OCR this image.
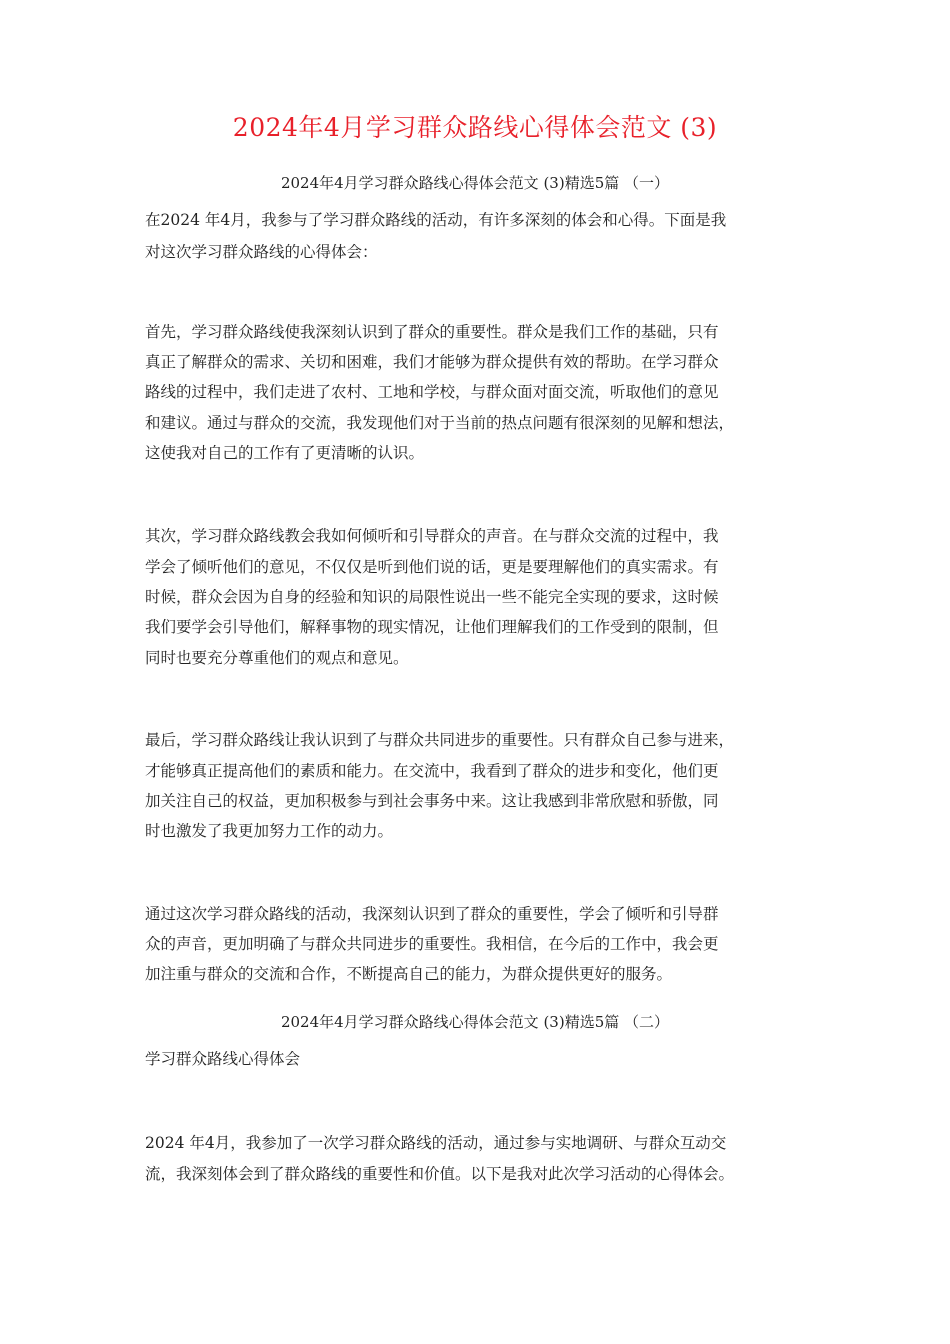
2024年4月学习群众路线心得体会范文 (3)
2024年4月学习群众路线心得体会范文 (3)精选5篇 （一）
在2024 年4月，我参与了学习群众路线的活动，有许多深刻的体会和心得。下面是我
对这次学习群众路线的心得体会：
首先，学习群众路线使我深刻认识到了群众的重要性。群众是我们工作的基础，只有
真正了解群众的需求、关切和困难，我们才能够为群众提供有效的帮助。在学习群众
路线的过程中，我们走进了农村、工地和学校，与群众面对面交流，听取他们的意见
和建议。通过与群众的交流，我发现他们对于当前的热点问题有很深刻的见解和想法，
这使我对自己的工作有了更清晰的认识。
其次，学习群众路线教会我如何倾听和引导群众的声音。在与群众交流的过程中，我
学会了倾听他们的意见，不仅仅是听到他们说的话，更是要理解他们的真实需求。有
时候，群众会因为自身的经验和知识的局限性说出一些不能完全实现的要求，这时候
我们要学会引导他们，解释事物的现实情况，让他们理解我们的工作受到的限制，但
同时也要充分尊重他们的观点和意见。
最后，学习群众路线让我认识到了与群众共同进步的重要性。只有群众自己参与进来，
才能够真正提高他们的素质和能力。在交流中，我看到了群众的进步和变化，他们更
加关注自己的权益，更加积极参与到社会事务中来。这让我感到非常欣慰和骄傲，同
时也激发了我更加努力工作的动力。
通过这次学习群众路线的活动，我深刻认识到了群众的重要性，学会了倾听和引导群
众的声音，更加明确了与群众共同进步的重要性。我相信，在今后的工作中，我会更
加注重与群众的交流和合作，不断提高自己的能力，为群众提供更好的服务。
2024年4月学习群众路线心得体会范文 (3)精选5篇 （二）
学习群众路线心得体会
2024 年4月，我参加了一次学习群众路线的活动，通过参与实地调研、与群众互动交
流，我深刻体会到了群众路线的重要性和价值。以下是我对此次学习活动的心得体会。
